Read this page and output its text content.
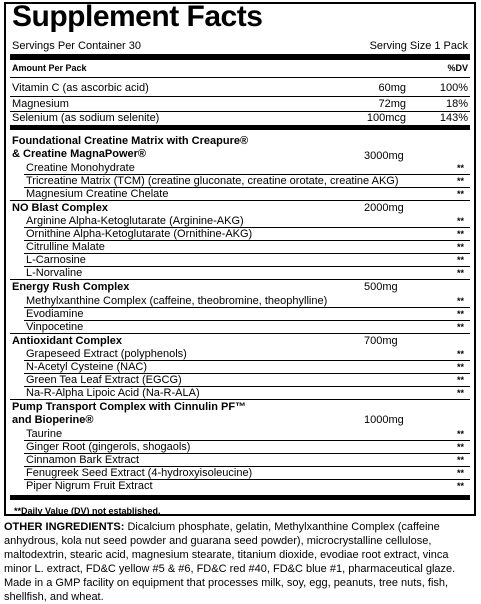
Supplement Facts
Servings Per Container 30	Serving Size 1 Pack
Amount Per Pack	%DV
Vitamin C (as ascorbic acid)	60mg	100%
Magnesium	72mg	18%
Selenium (as sodium selenite)	100mcg	143%
Foundational Creatine Matrix with Creapure®
& Creatine MagnaPower®	3000mg
Creatine Monohydrate	**
Tricreatine Matrix (TCM) (creatine gluconate, creatine orotate, creatine AKG)	**
Magnesium Creatine Chelate	**
NO Blast Complex	2000mg
Arginine Alpha-Ketoglutarate (Arginine-AKG)	**
Ornithine Alpha-Ketoglutarate (Ornithine-AKG)	**
Citrulline Malate	**
L-Carnosine	**
L-Norvaline	**
Energy Rush Complex	500mg
Methylxanthine Complex (caffeine, theobromine, theophylline)	**
Evodiamine	**
Vinpocetine	**
Antioxidant Complex	700mg
Grapeseed Extract (polyphenols)	**
N-Acetyl Cysteine (NAC)	**
Green Tea Leaf Extract (EGCG)	**
Na-R-Alpha Lipoic Acid (Na-R-ALA)	**
Pump Transport Complex with Cinnulin PF™
and Bioperine®	1000mg
Taurine	**
Ginger Root (gingerols, shogaols)	**
Cinnamon Bark Extract	**
Fenugreek Seed Extract (4-hydroxyisoleucine)	**
Piper Nigrum Fruit Extract	**
**Daily Value (DV) not established.
OTHER INGREDIENTS: Dicalcium phosphate, gelatin, Methylxanthine Complex (caffeine anhydrous, kola nut seed powder and guarana seed powder), microcrystalline cellulose, maltodextrin, stearic acid, magnesium stearate, titanium dioxide, evodiae root extract, vinca minor L. extract, FD&C yellow #5 & #6, FD&C red #40, FD&C blue #1, pharmaceutical glaze. Made in a GMP facility on equipment that processes milk, soy, egg, peanuts, tree nuts, fish, shellfish, and wheat.
